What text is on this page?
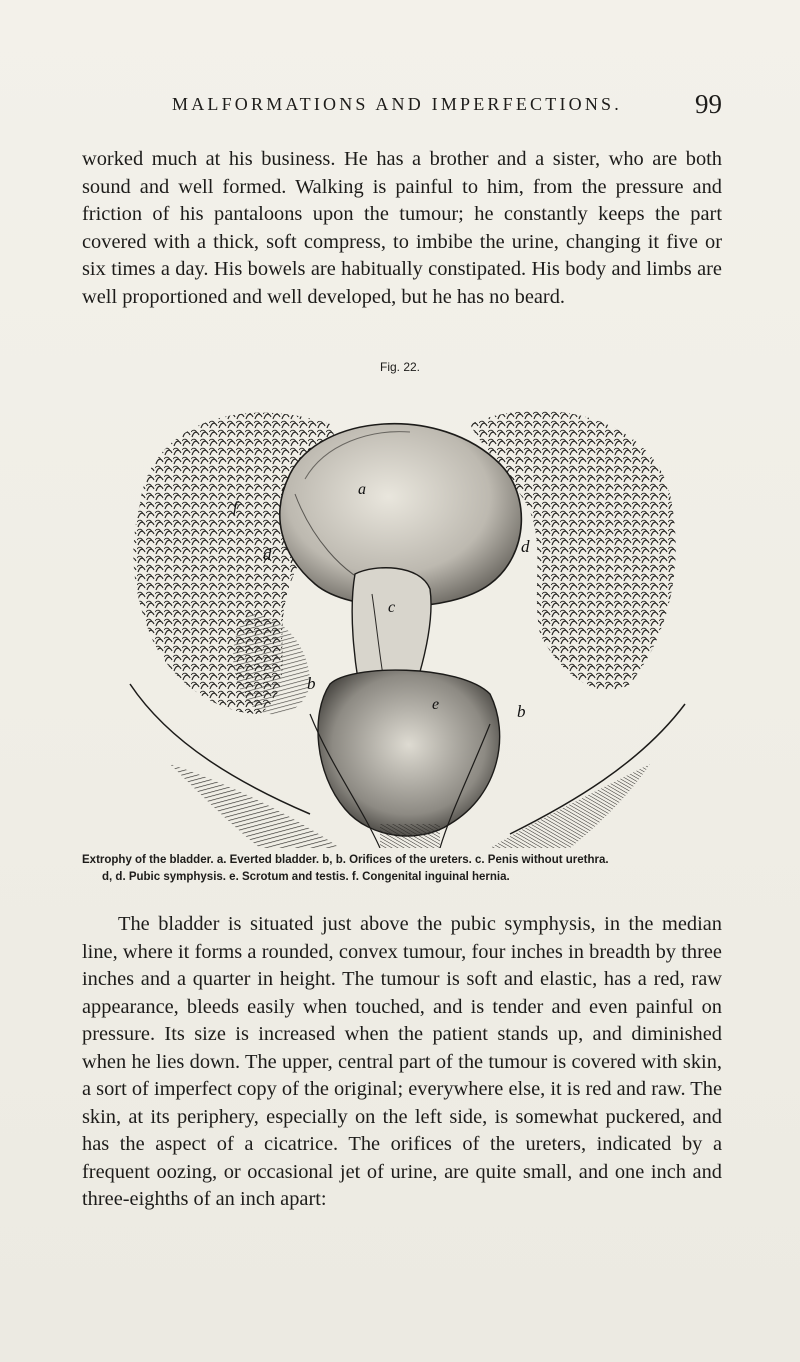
MALFORMATIONS AND IMPERFECTIONS.	99
worked much at his business. He has a brother and a sister, who are both sound and well formed. Walking is painful to him, from the pressure and friction of his pantaloons upon the tumour; he constantly keeps the part covered with a thick, soft compress, to imbibe the urine, changing it five or six times a day. His bowels are habitually constipated. His body and limbs are well proportioned and well developed, but he has no beard.
Fig. 22.
a
b
b
c
d	d
e
f
Extrophy of the bladder. a. Everted bladder. b, b. Orifices of the ureters. c. Penis without urethra.
d, d. Pubic symphysis. e. Scrotum and testis. f. Congenital inguinal hernia.
The bladder is situated just above the pubic symphysis, in the median line, where it forms a rounded, convex tumour, four inches in breadth by three inches and a quarter in height. The tumour is soft and elastic, has a red, raw appearance, bleeds easily when touched, and is tender and even painful on pressure. Its size is increased when the patient stands up, and diminished when he lies down. The upper, central part of the tumour is covered with skin, a sort of imperfect copy of the original; everywhere else, it is red and raw. The skin, at its periphery, especially on the left side, is somewhat puckered, and has the aspect of a cicatrice. The orifices of the ureters, indicated by a frequent oozing, or occasional jet of urine, are quite small, and one inch and three-eighths of an inch apart:
